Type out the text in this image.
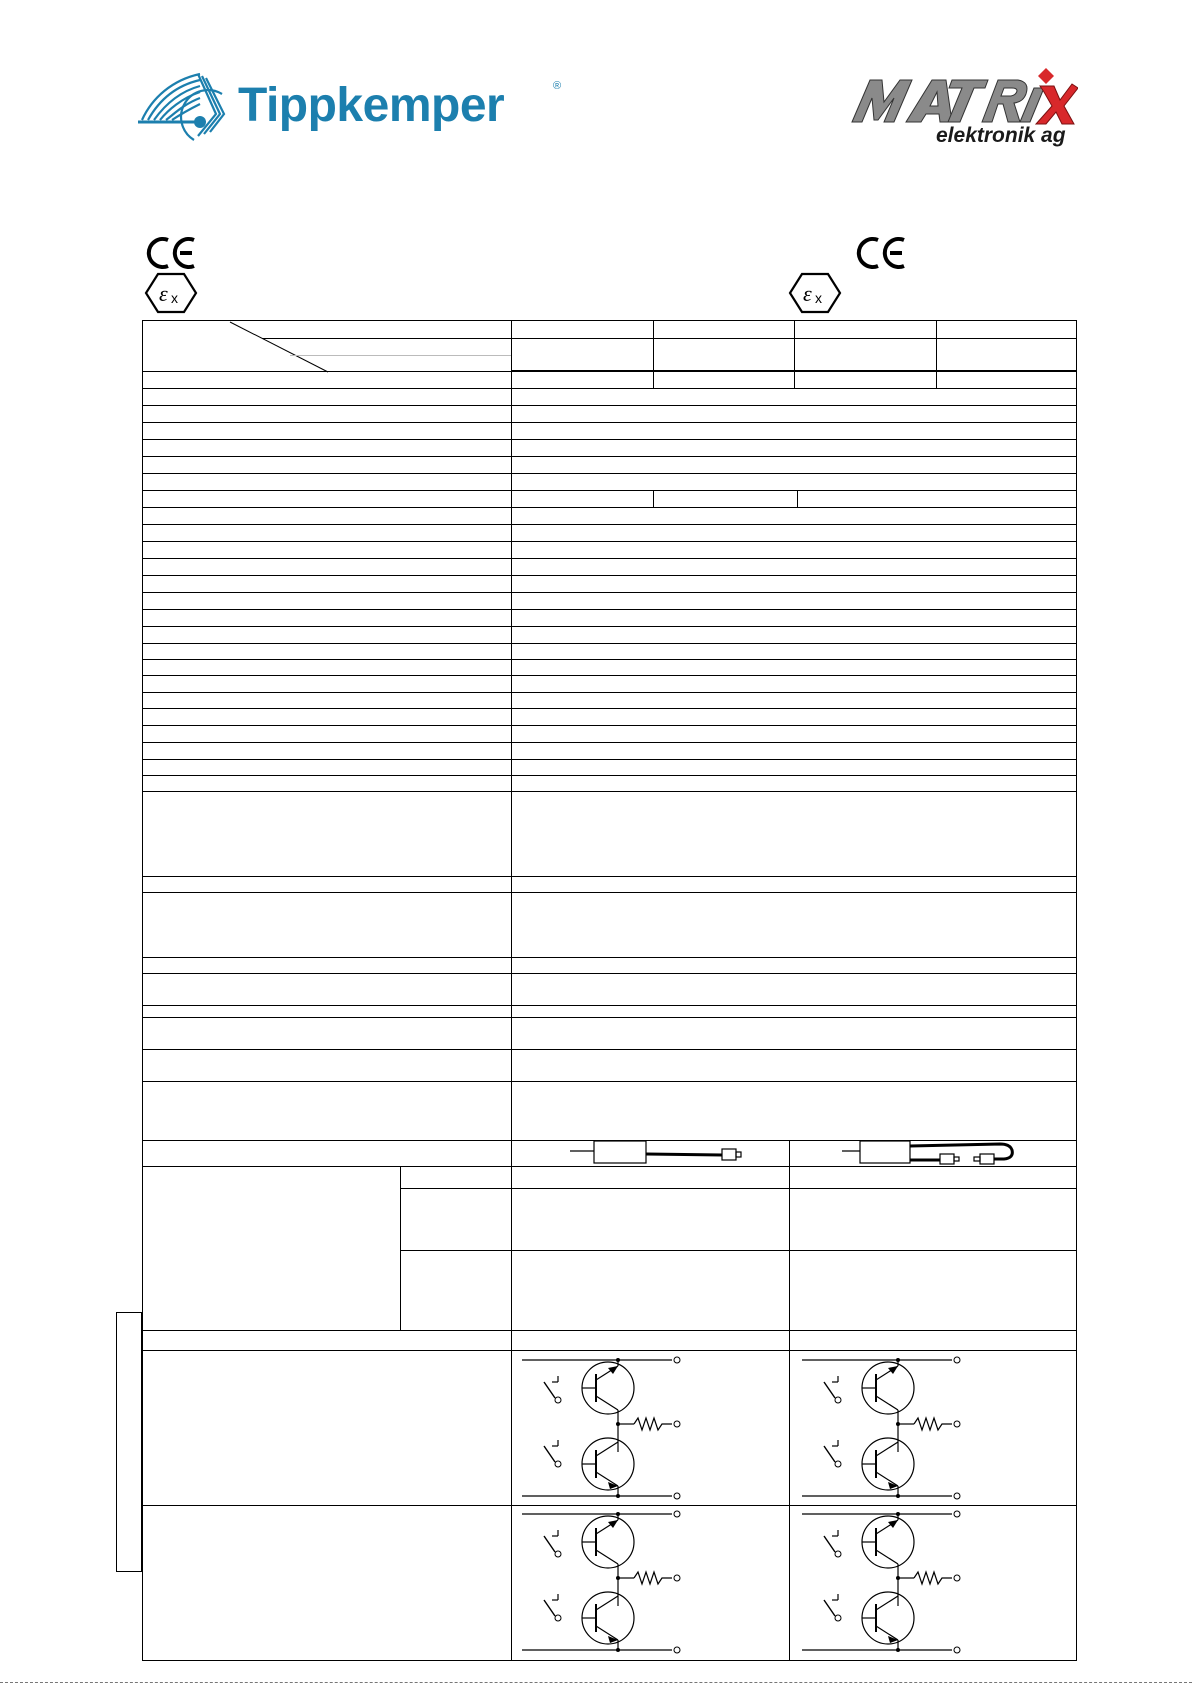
Tippkemper	®
elektronik ag
ε x	ε x
